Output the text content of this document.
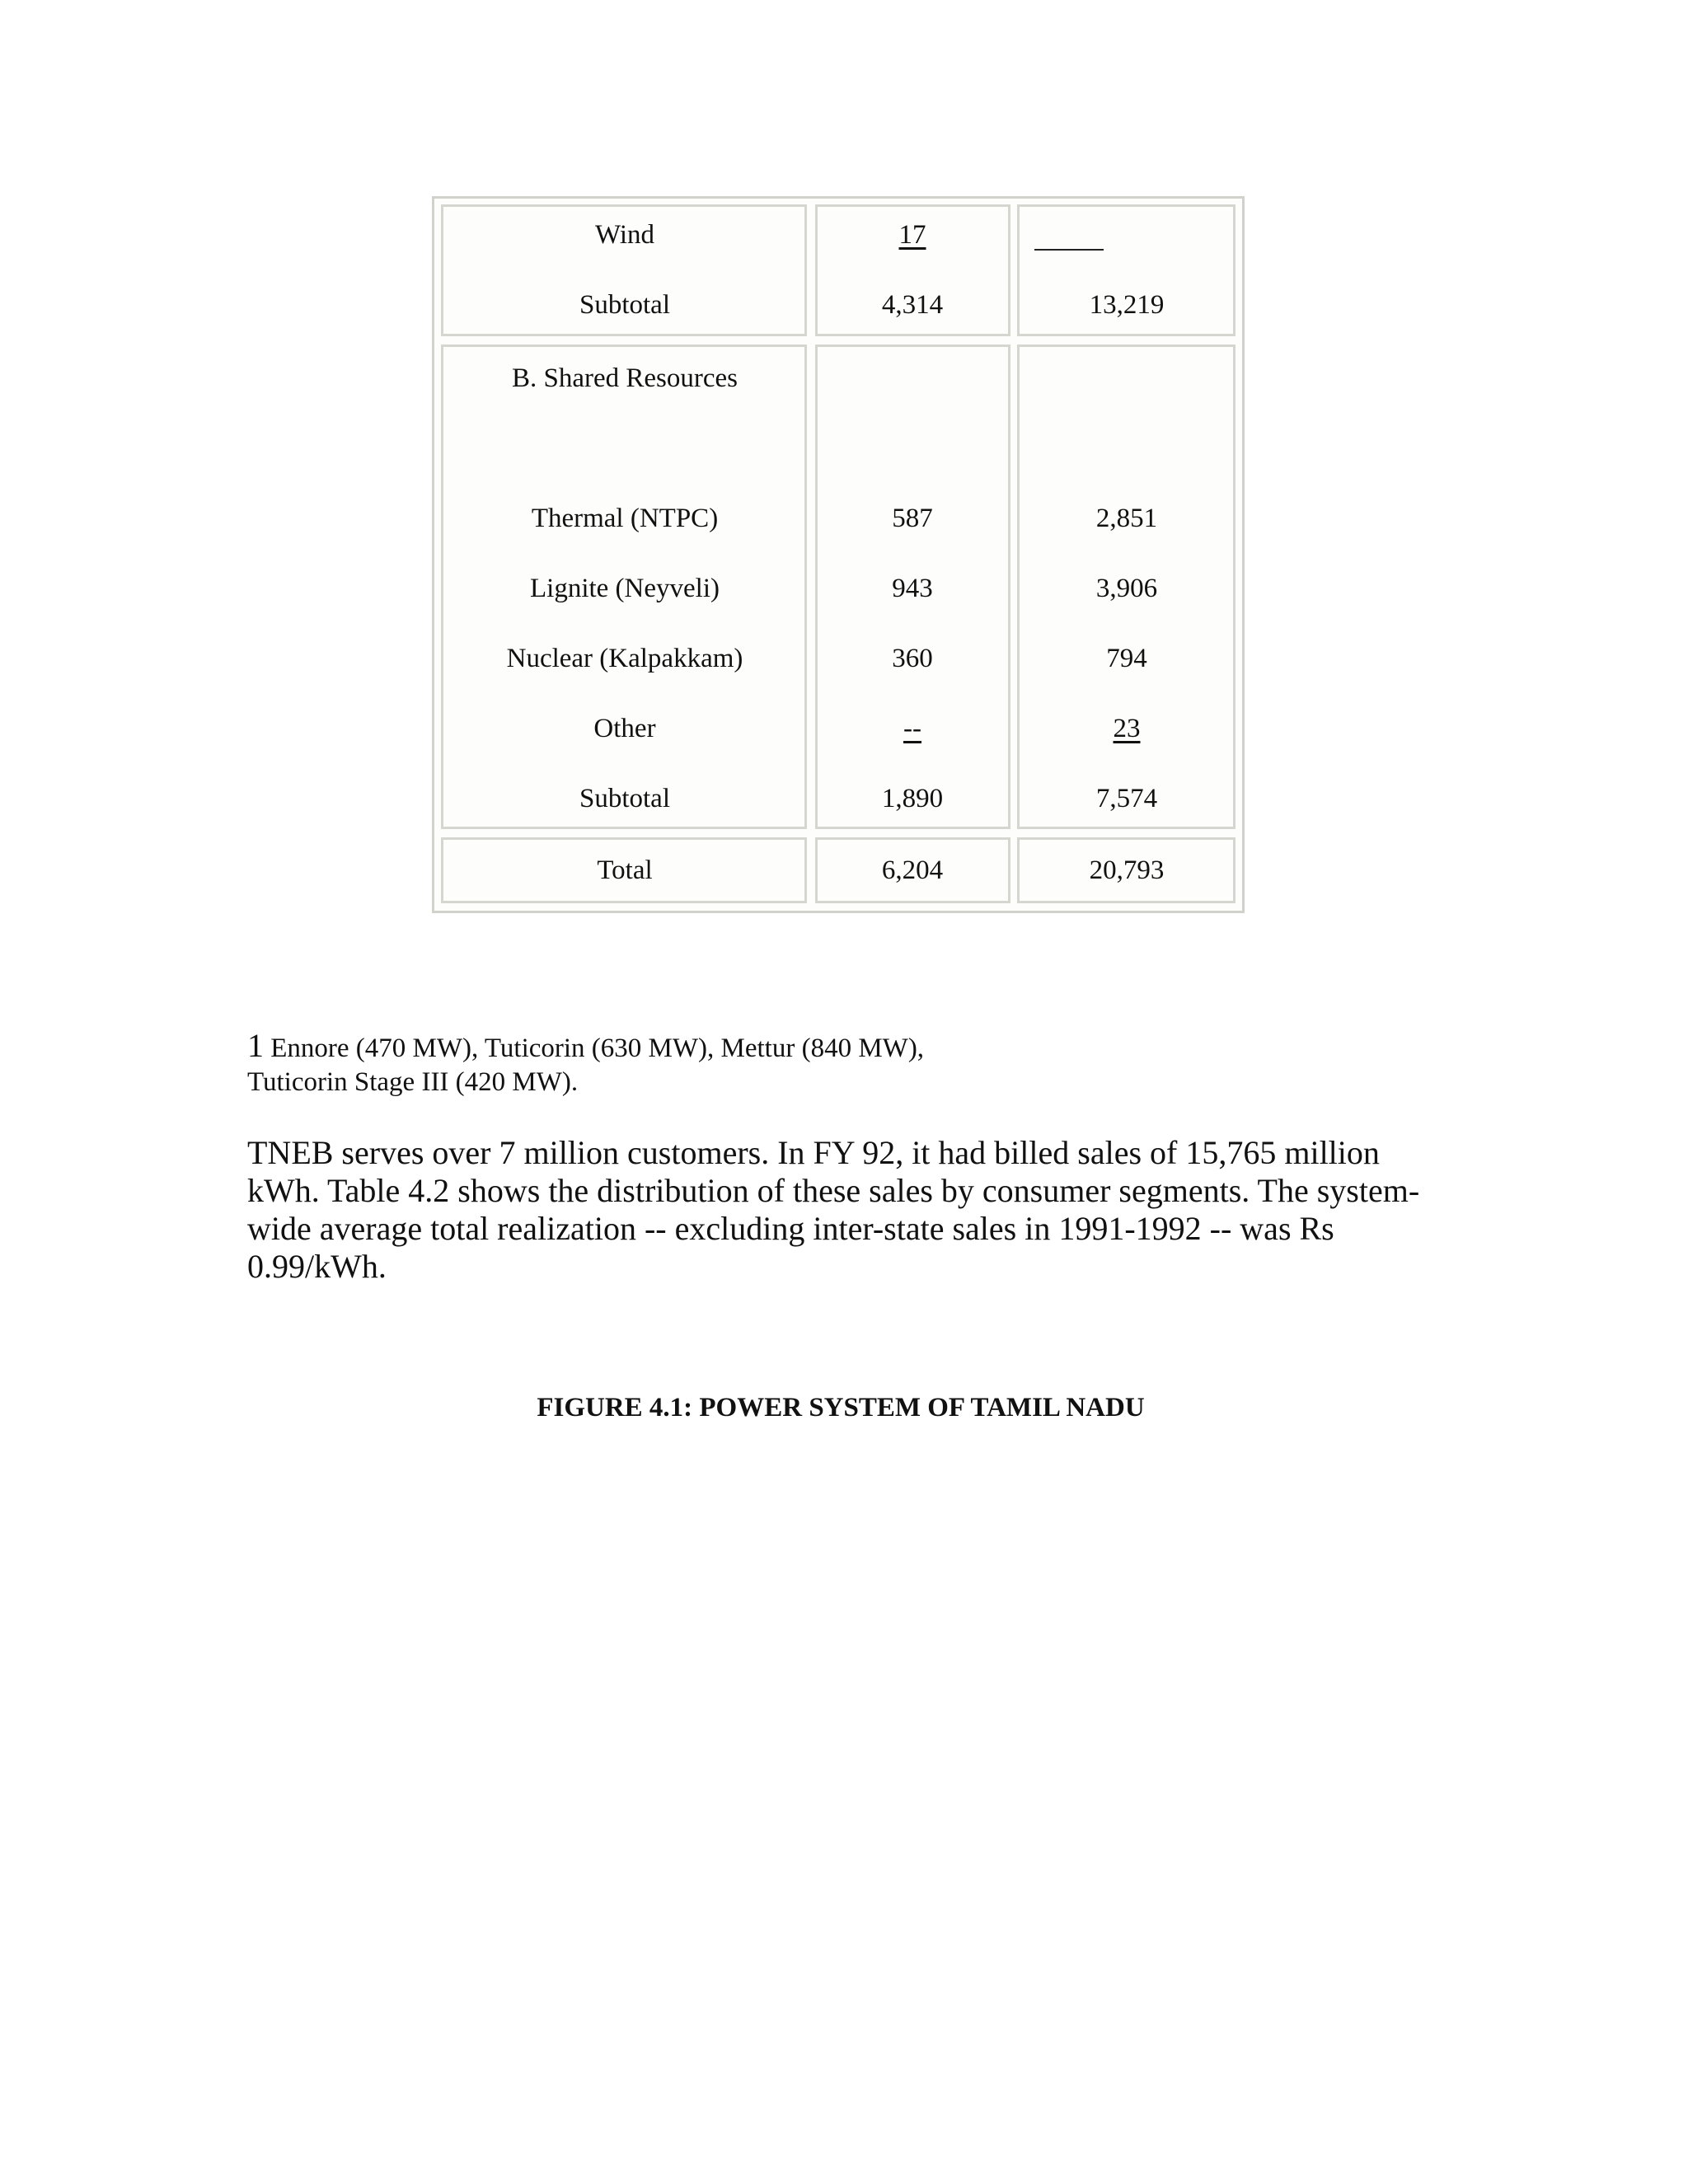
Wind	17
Subtotal	4,314	13,219
B. Shared Resources
Thermal (NTPC)	587	2,851
Lignite (Neyveli)	943	3,906
Nuclear (Kalpakkam)	360	794
Other	--	23
Subtotal	1,890	7,574
Total	6,204	20,793
1 Ennore (470 MW), Tuticorin (630 MW), Mettur (840 MW),
Tuticorin Stage III (420 MW).
TNEB serves over 7 million customers. In FY 92, it had billed sales of 15,765 million
kWh. Table 4.2 shows the distribution of these sales by consumer segments. The system-
wide average total realization -- excluding inter-state sales in 1991-1992 -- was Rs
0.99/kWh.
FIGURE 4.1: POWER SYSTEM OF TAMIL NADU
